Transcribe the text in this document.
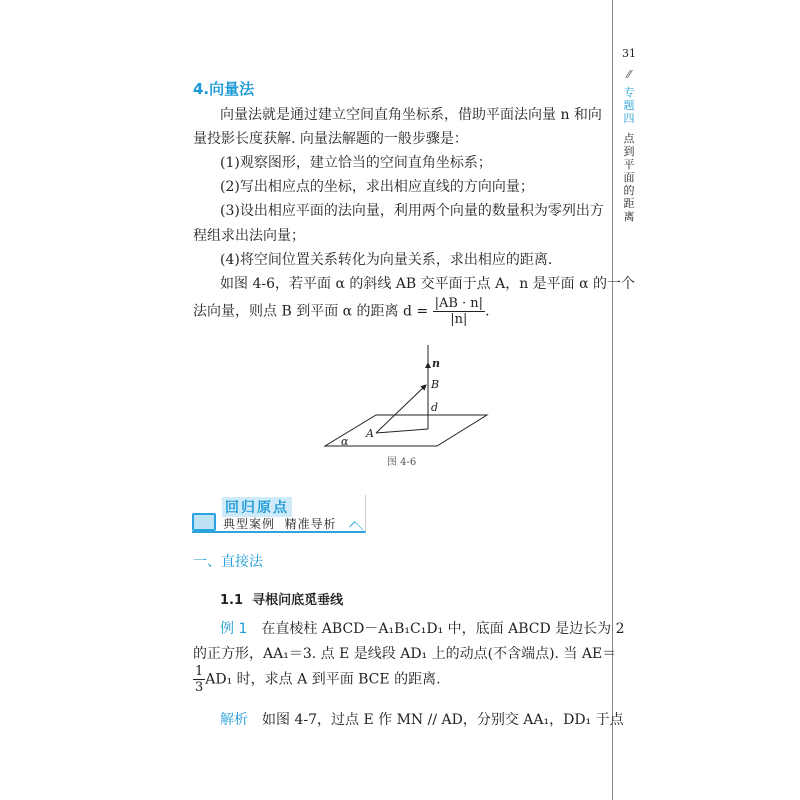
31
⁄⁄
专题四
点到平面的距离
4.向量法
向量法就是通过建立空间直角坐标系，借助平面法向量 n 和向
量投影长度获解. 向量法解题的一般步骤是：
(1)观察图形，建立恰当的空间直角坐标系；
(2)写出相应点的坐标，求出相应直线的方向向量；
(3)设出相应平面的法向量，利用两个向量的数量积为零列出方
程组求出法向量；
(4)将空间位置关系转化为向量关系，求出相应的距离.
如图 4-6，若平面 α 的斜线 AB 交平面于点 A，n 是平面 α 的一个
法向量，则点 B 到平面 α 的距离 $d = \frac{|AB \cdot n|}{|n|}$ .
n
B
d
A
α
图 4-6
回归原点
典型案例  精准导析
一、直接法
1.1  寻根问底觅垂线
例 1 在直棱柱 ABCD－A₁B₁C₁D₁ 中，底面 ABCD 是边长为 2
的正方形，AA₁＝3. 点 E 是线段 AD₁ 上的动点(不含端点). 当 AE＝
$\frac{1}{3} AD_1$ 时，求点 A 到平面 BCE 的距离.
解析 如图 4-7，过点 E 作 MN // AD，分别交 AA₁，DD₁ 于点
